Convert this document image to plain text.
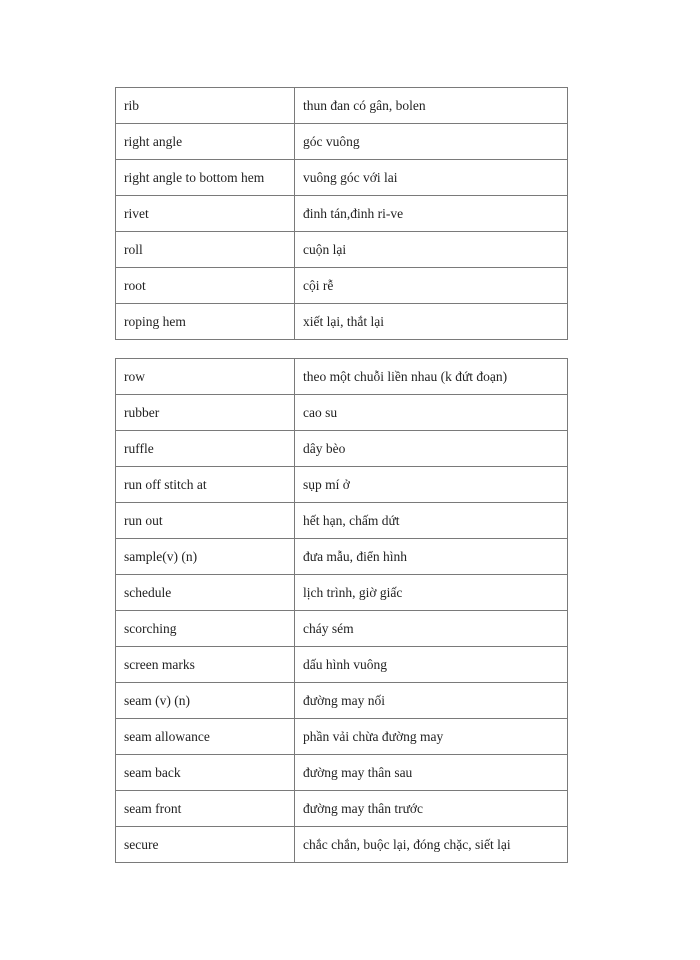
rib	thun đan có gân, bolen
right angle	góc vuông
right angle to bottom hem	vuông góc với lai
rivet	đinh tán,đinh ri-ve
roll	cuộn lại
root	cội rễ
roping hem	xiết lại, thắt lại
row	theo một chuỗi liền nhau (k đứt đoạn)
rubber	cao su
ruffle	dây bèo
run off stitch at	sụp mí ở
run out	hết hạn, chấm dứt
sample(v) (n)	đưa mẫu, điển hình
schedule	lịch trình, giờ giấc
scorching	cháy sém
screen marks	dấu hình vuông
seam (v) (n)	đường may nối
seam allowance	phần vải chừa đường may
seam back	đường may thân sau
seam front	đường may thân trước
secure	chắc chắn, buộc lại, đóng chặc, siết lại
